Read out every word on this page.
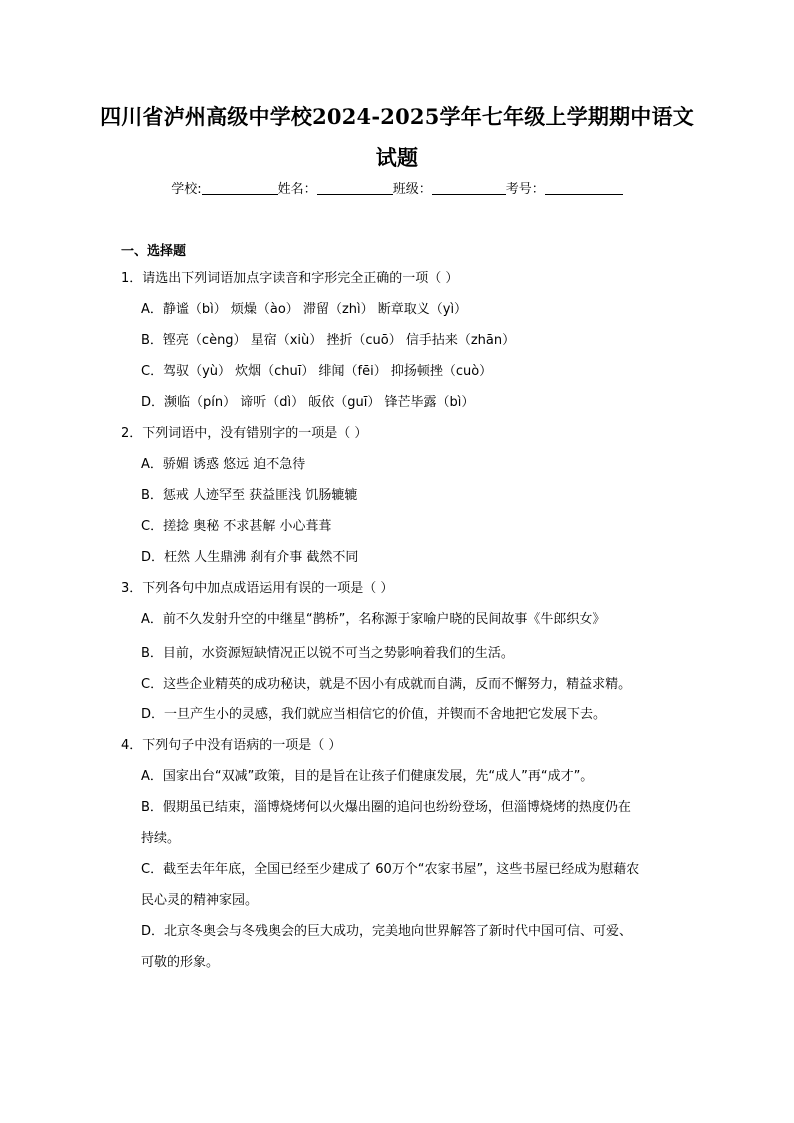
四川省泸州高级中学校2024-2025学年七年级上学期期中语文
试题
学校:	姓名：	班级：	考号：
一、选择题
1．请选出下列词语加点字读音和字形完全正确的一项（ ）
A．静谧（bì） 烦燥（ào） 滞留（zhì） 断章取义（yì）
B．铿亮（cèng） 星宿（xiù） 挫折（cuō） 信手拈来（zhān）
C．驾驭（yù） 炊烟（chuī） 绯闻（fēi） 抑扬顿挫（cuò）
D．濒临（pín） 谛听（dì） 皈依（guī） 锋芒毕露（bì）
2．下列词语中，没有错别字的一项是（ ）
A．骄媚 诱惑 悠远 迫不急待
B．惩戒 人迹罕至 获益匪浅 饥肠辘辘
C．搓捻 奥秘 不求甚解 小心葺葺
D．枉然 人生鼎沸 刹有介事 截然不同
3．下列各句中加点成语运用有误的一项是（ ）
A．前不久发射升空的中继星“鹊桥”，名称源于家喻户晓的民间故事《牛郎织女》
B．目前，水资源短缺情况正以锐不可当之势影响着我们的生活。
C．这些企业精英的成功秘诀，就是不因小有成就而自满，反而不懈努力，精益求精。
D．一旦产生小的灵感，我们就应当相信它的价值，并锲而不舍地把它发展下去。
4．下列句子中没有语病的一项是（ ）
A．国家出台“双减”政策，目的是旨在让孩子们健康发展，先“成人”再“成才”。
B．假期虽已结束，淄博烧烤何以火爆出圈的追问也纷纷登场，但淄博烧烤的热度仍在
持续。
C．截至去年年底，全国已经至少建成了 60万个“农家书屋”，这些书屋已经成为慰藉农
民心灵的精神家园。
D．北京冬奥会与冬残奥会的巨大成功，完美地向世界解答了新时代中国可信、可爱、
可敬的形象。
